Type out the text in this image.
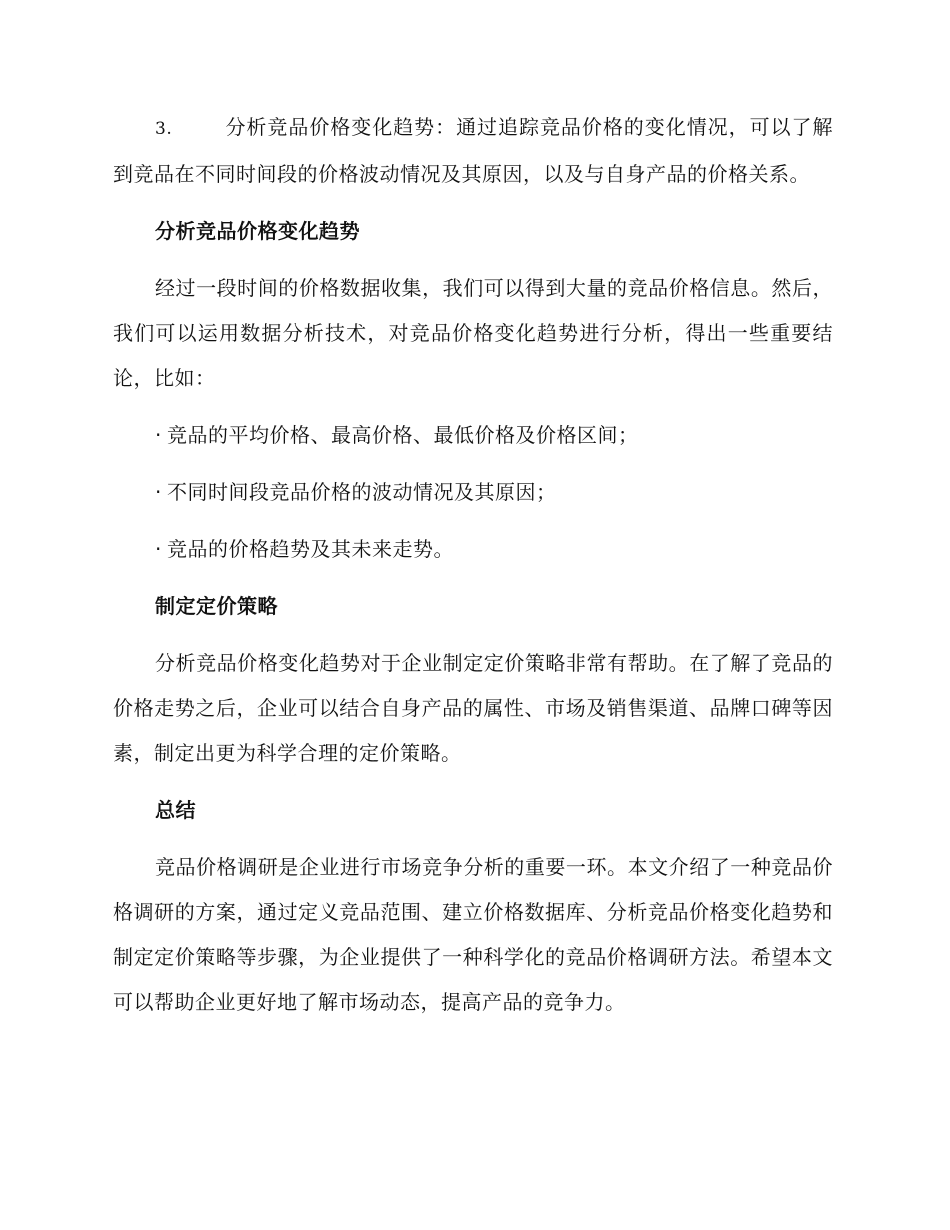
3.	分析竞品价格变化趋势：通过追踪竞品价格的变化情况，可以了解到竞品在不同时间段的价格波动情况及其原因，以及与自身产品的价格关系。

分析竞品价格变化趋势

经过一段时间的价格数据收集，我们可以得到大量的竞品价格信息。然后，我们可以运用数据分析技术，对竞品价格变化趋势进行分析，得出一些重要结论，比如：

· 竞品的平均价格、最高价格、最低价格及价格区间；
· 不同时间段竞品价格的波动情况及其原因；
· 竞品的价格趋势及其未来走势。
制定定价策略

分析竞品价格变化趋势对于企业制定定价策略非常有帮助。在了解了竞品的价格走势之后，企业可以结合自身产品的属性、市场及销售渠道、品牌口碑等因素，制定出更为科学合理的定价策略。

总结

竞品价格调研是企业进行市场竞争分析的重要一环。本文介绍了一种竞品价格调研的方案，通过定义竞品范围、建立价格数据库、分析竞品价格变化趋势和制定定价策略等步骤，为企业提供了一种科学化的竞品价格调研方法。希望本文可以帮助企业更好地了解市场动态，提高产品的竞争力。
